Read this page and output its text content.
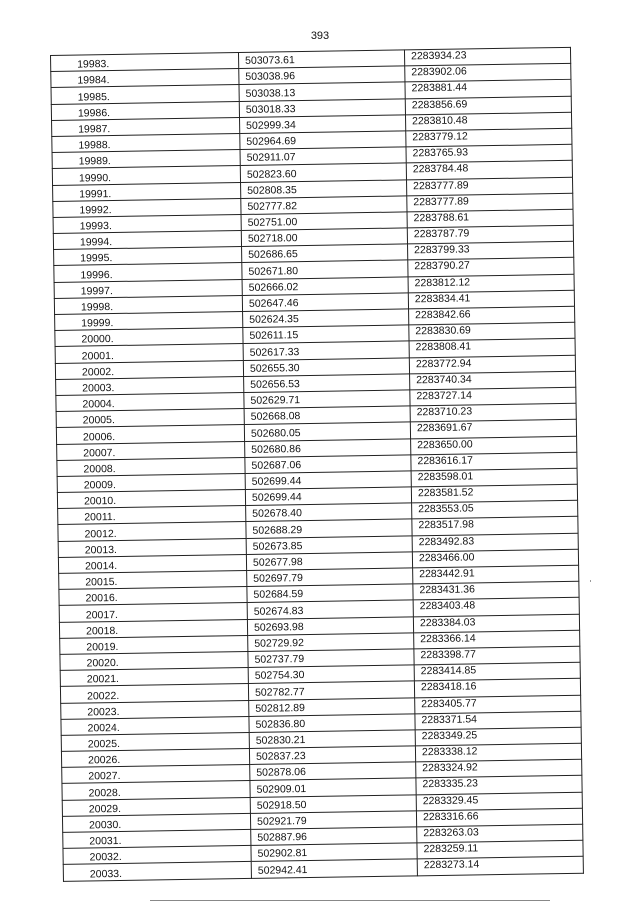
393
19983.	503073.61	2283934.23
19984.	503038.96	2283902.06
19985.	503038.13	2283881.44
19986.	503018.33	2283856.69
19987.	502999.34	2283810.48
19988.	502964.69	2283779.12
19989.	502911.07	2283765.93
19990.	502823.60	2283784.48
19991.	502808.35	2283777.89
19992.	502777.82	2283777.89
19993.	502751.00	2283788.61
19994.	502718.00	2283787.79
19995.	502686.65	2283799.33
19996.	502671.80	2283790.27
19997.	502666.02	2283812.12
19998.	502647.46	2283834.41
19999.	502624.35	2283842.66
20000.	502611.15	2283830.69
20001.	502617.33	2283808.41
20002.	502655.30	2283772.94
20003.	502656.53	2283740.34
20004.	502629.71	2283727.14
20005.	502668.08	2283710.23
20006.	502680.05	2283691.67
20007.	502680.86	2283650.00
20008.	502687.06	2283616.17
20009.	502699.44	2283598.01
20010.	502699.44	2283581.52
20011.	502678.40	2283553.05
20012.	502688.29	2283517.98
20013.	502673.85	2283492.83
20014.	502677.98	2283466.00
20015.	502697.79	2283442.91
20016.	502684.59	2283431.36
20017.	502674.83	2283403.48
20018.	502693.98	2283384.03
20019.	502729.92	2283366.14
20020.	502737.79	2283398.77
20021.	502754.30	2283414.85
20022.	502782.77	2283418.16
20023.	502812.89	2283405.77
20024.	502836.80	2283371.54
20025.	502830.21	2283349.25
20026.	502837.23	2283338.12
20027.	502878.06	2283324.92
20028.	502909.01	2283335.23
20029.	502918.50	2283329.45
20030.	502921.79	2283316.66
20031.	502887.96	2283263.03
20032.	502902.81	2283259.11
20033.	502942.41	2283273.14
